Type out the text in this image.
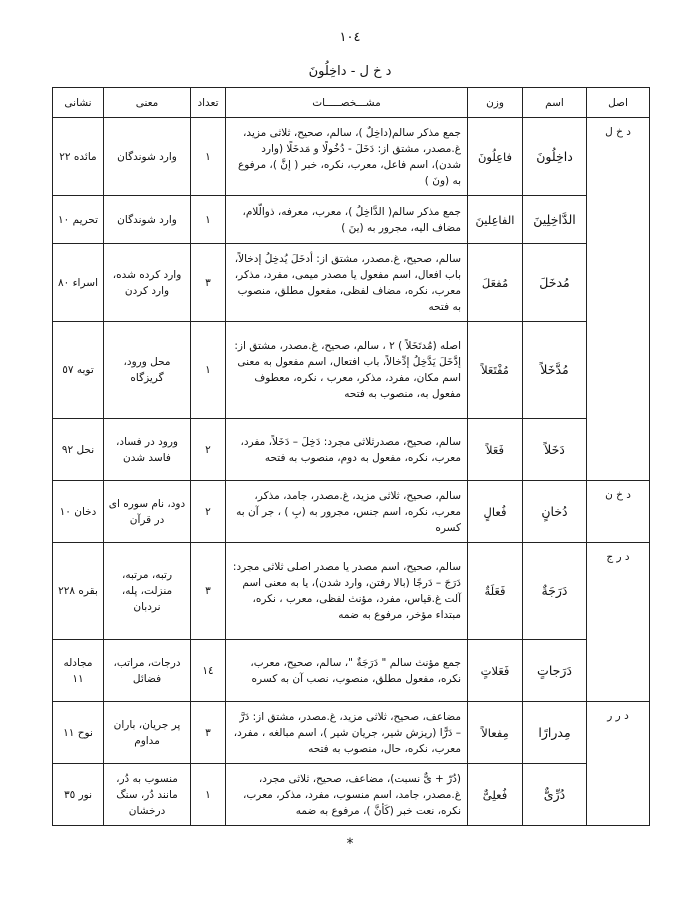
١٠٤
د خ ل - داخِلُونَ
اصل	اسم	وزن	مشـــخصـــــات	تعداد	معنی	نشانی
د خ ل	داخِلُونَ	فاعِلُونَ	جمع مذکر سالم(داخِلٌ )، سالم، صحیح، ثلاثی مزید، غ.مصدر، مشتق از: دَخَلَ - دُخُولًا و مَدخَلًا (وارد شدن)، اسم فاعل، معرب، نکره، خبر ( إنَّ )، مرفوع به (ونَ )	١	وارد شوندگان	مائده ٢٢
	الدَّاخِلِینَ	الفاعِلینَ	جمع مذکر سالم( الدَّاخِلُ )، معرب، معرفه، ذوالّلام، مضاف الیه، مجرور به (ینَ )	١	وارد شوندگان	تحریم ١٠
	مُدخَلَ	مُفعَلَ	سالم، صحیح، غ.مصدر، مشتق از: أدخَلَ یُدخِلُ إدخالاً، باب افعال، اسم مفعول یا مصدر میمی، مفرد، مذکر، معرب، نکره، مضاف لفظی، مفعول مطلق، منصوب به فتحه	٣	وارد کرده شده، وارد کردن	اسراء ٨٠
	مُدَّخَلاً	مُفْتَعَلاً	اصله (مُدتَخَلاً ) ٢ ، سالم، صحیح، غ.مصدر، مشتق از: إدَّخَلَ یَدَّخِلُ إدِّخالاً، باب افتعال، اسم مفعول به معنی اسم مکان، مفرد، مذکر، معرب ، نکره، معطوف مفعول به، منصوب به فتحه	١	محل ورود، گریزگاه	توبه ٥٧
	دَخَلاً	فَعَلاً	سالم، صحیح، مصدرثلاثی مجرد: دَخِلَ – دَخَلاً، مفرد، معرب، نکره، مفعول به دوم، منصوب به فتحه	٢	ورود در فساد، فاسد شدن	نحل ٩٢
د خ ن	دُخانٍ	فُعالٍ	سالم، صحیح، ثلاثی مزید، غ.مصدر، جامد، مذکر، معرب، نکره، اسم جنس، مجرور به (بِ ) ، جر آن به کسره	٢	دود، نام سوره ای در قرآن	دخان ١٠
د ر ج	دَرَجَةٌ	فَعَلَةٌ	سالم، صحیح، اسم مصدر یا مصدر اصلی ثلاثی مجرد: دَرَجَ – دَرجًا (بالا رفتن، وارد شدن)، یا به معنی اسم آلت غ.قیاس، مفرد، مؤنث لفظی، معرب ، نکره، مبتداء مؤخر، مرفوع به ضمه	٣	رتبه، مرتبه، منزلت، پله، نردبان	بقره ٢٢٨
	دَرَجاتٍ	فَعَلاتٍ	جمع مؤنث سالم " دَرَجَةٌ "، سالم، صحیح، معرب، نکره، مفعول مطلق، منصوب، نصب آن به کسره	١٤	درجات، مراتب، فضائل	مجادله ١١
د ر ر	مِدرارًا	مِفعالاً	مضاعف، صحیح، ثلاثی مزید، غ.مصدر، مشتق از: دَرَّ – دَرًّا (ریزش شیر، جریان شیر )، اسم مبالغه ، مفرد، معرب، نکره، حال، منصوب به فتحه	٣	پر جریان، باران مداوم	نوح ١١
	دُرِّیٌّ	فُعلِیٌّ	(دُرّ + یٌّ نسبت)، مضاعف، صحیح، ثلاثی مجرد، غ.مصدر، جامد، اسم منسوب، مفرد، مذکر، معرب، نکره، نعت خبر (کَأنَّ )، مرفوع به ضمه	١	منسوب به دُر، مانند دُر، سنگ درخشان	نور ٣٥
*
